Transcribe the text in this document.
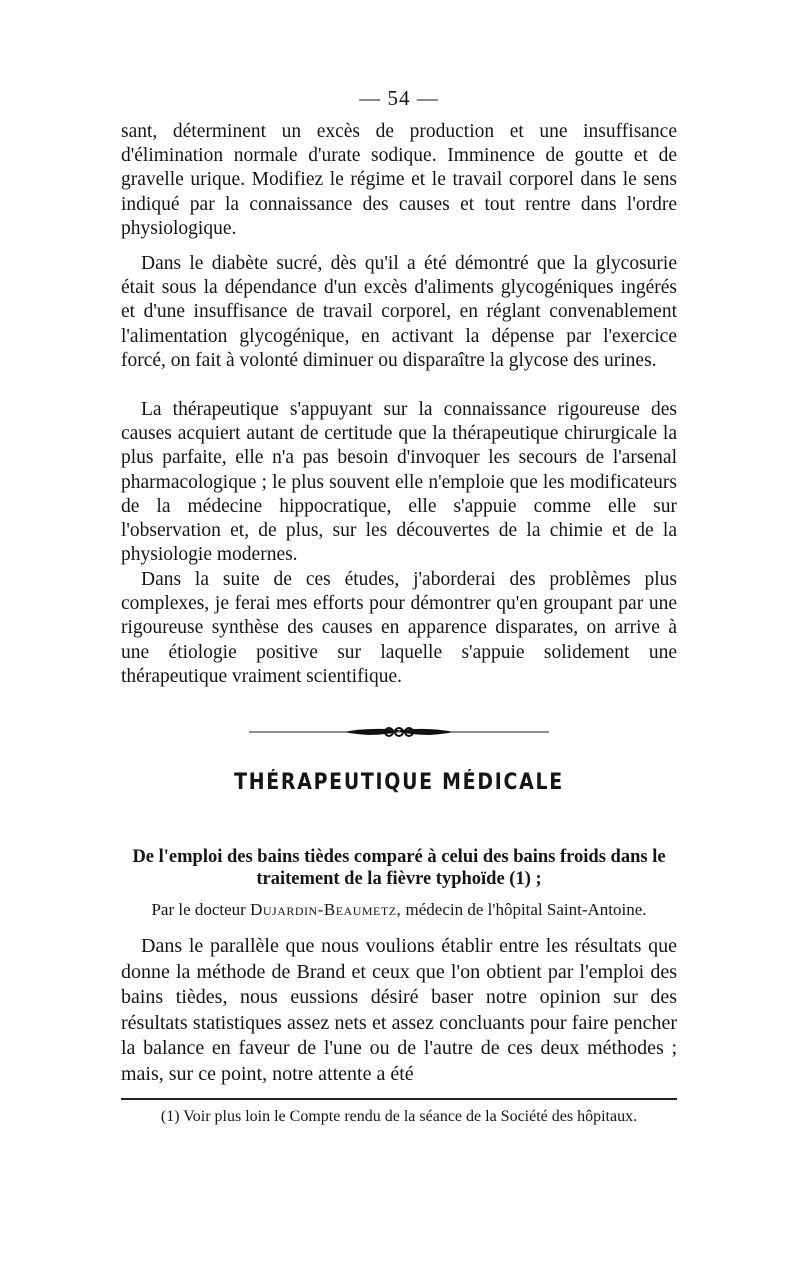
— 54 —

sant, déterminent un excès de production et une insuffisance d'élimination normale d'urate sodique. Imminence de goutte et de gravelle urique. Modifiez le régime et le travail corporel dans le sens indiqué par la connaissance des causes et tout rentre dans l'ordre physiologique.

Dans le diabète sucré, dès qu'il a été démontré que la glycosurie était sous la dépendance d'un excès d'aliments glycogéniques ingérés et d'une insuffisance de travail corporel, en réglant convenablement l'alimentation glycogénique, en activant la dépense par l'exercice forcé, on fait à volonté diminuer ou disparaître la glycose des urines.

La thérapeutique s'appuyant sur la connaissance rigoureuse des causes acquiert autant de certitude que la thérapeutique chirurgicale la plus parfaite, elle n'a pas besoin d'invoquer les secours de l'arsenal pharmacologique ; le plus souvent elle n'emploie que les modificateurs de la médecine hippocratique, elle s'appuie comme elle sur l'observation et, de plus, sur les découvertes de la chimie et de la physiologie modernes.

Dans la suite de ces études, j'aborderai des problèmes plus complexes, je ferai mes efforts pour démontrer qu'en groupant par une rigoureuse synthèse des causes en apparence disparates, on arrive à une étiologie positive sur laquelle s'appuie solidement une thérapeutique vraiment scientifique.

THÉRAPEUTIQUE MÉDICALE
De l'emploi des bains tièdes comparé à celui des bains froids dans le traitement de la fièvre typhoïde (1) ;
Par le docteur Dujardin-Beaumetz, médecin de l'hôpital Saint-Antoine.

Dans le parallèle que nous voulions établir entre les résultats que donne la méthode de Brand et ceux que l'on obtient par l'emploi des bains tièdes, nous eussions désiré baser notre opinion sur des résultats statistiques assez nets et assez concluants pour faire pencher la balance en faveur de l'une ou de l'autre de ces deux méthodes ; mais, sur ce point, notre attente a été

(1) Voir plus loin le Compte rendu de la séance de la Société des hôpitaux.
